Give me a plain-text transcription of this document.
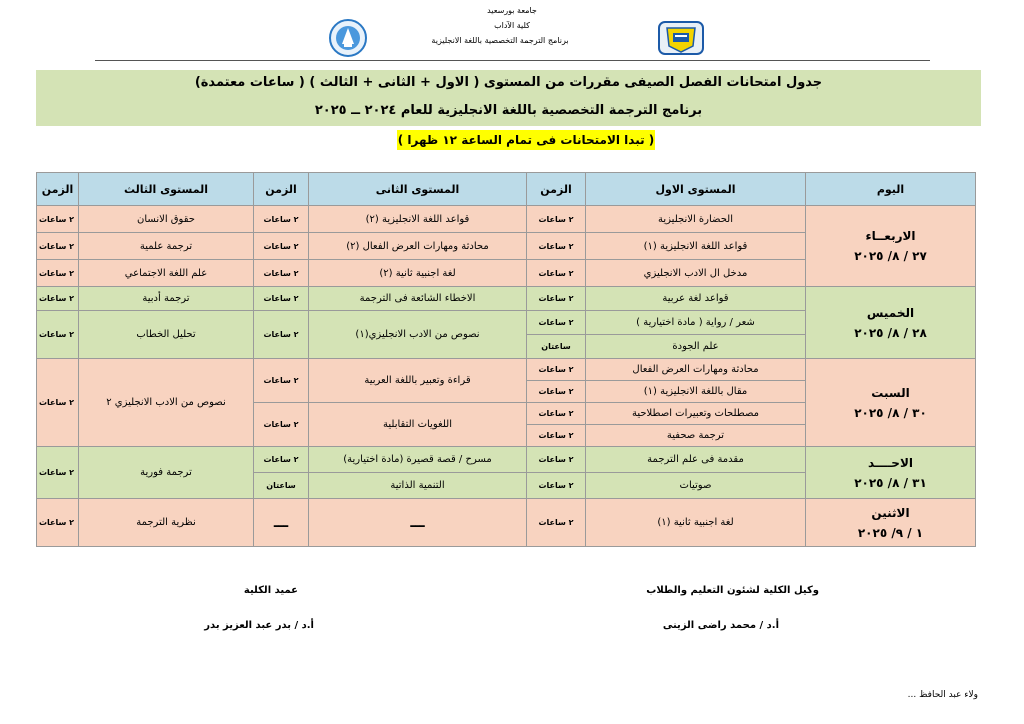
جامعة بورسعيد
كلية الآداب
برنامج الترجمة التخصصية باللغة الانجليزية
جدول امتحانات الفصل الصيفى مقررات من المستوى ( الاول + الثانى + الثالث ) ( ساعات معتمدة)
برنامج الترجمة التخصصية باللغة الانجليزية للعام ٢٠٢٤ ــ ٢٠٢٥
( تبدا الامتحانات فى تمام الساعة ١٢ ظهرا )
اليوم	المستوى الاول	الزمن	المستوى الثانى	الزمن	المستوى الثالث	الزمن

الاربعــاء
٢٧ / ٨/ ٢٠٢٥	الحضارة الانجليزية	٢ ساعات	قواعد اللغة الانجليزية (٢)	٢ ساعات	حقوق الانسان	٢ ساعات
	قواعد اللغة الانجليزية (١)	٢ ساعات	محادثة ومهارات العرض الفعال (٢)	٢ ساعات	ترجمة علمية	٢ ساعات
	مدخل ال الادب الانجليزي	٢ ساعات	لغة اجنبية ثانية (٢)	٢ ساعات	علم اللغة الاجتماعي	٢ ساعات

الخميس
٢٨ / ٨/ ٢٠٢٥	قواعد لغة عربية	٢ ساعات	الاخطاء الشائعة فى الترجمة	٢ ساعات	ترجمة أدبية	٢ ساعات
	شعر / رواية ( مادة اختيارية )	٢ ساعات	نصوص من الادب الانجليزي(١)	٢ ساعات	تحليل الخطاب	٢ ساعات
	علم الجودة	ساعتان				

السبت
٣٠ / ٨/ ٢٠٢٥	محادثة ومهارات العرض الفعال	٢ ساعات	قراءة وتعبير باللغة العربية	٢ ساعات	نصوص من الادب الانجليزي ٢	٢ ساعات
	مقال باللغة الانجليزية (١)	٢ ساعات				
	مصطلحات وتعبيرات اصطلاحية	٢ ساعات	اللغويات التقابلية	٢ ساعات		
	ترجمة صحفية	٢ ساعات				

الاحــــد
٣١ / ٨/ ٢٠٢٥	مقدمة فى علم الترجمة	٢ ساعات	مسرح / قصة قصيرة (مادة اختيارية)	٢ ساعات	ترجمة فورية	٢ ساعات
	صوتيات	٢ ساعات	التنمية الذاتية	ساعتان		

الاثنين
١ / ٩/ ٢٠٢٥	لغة اجنبية ثانية (١)	٢ ساعات	ـــ	ـــ	نظرية الترجمة	٢ ساعات
وكيل الكلية لشئون التعليم والطلاب
أ.د / محمد راضى الزينى
عميد الكلية
أ.د / بدر عبد العزيز بدر
ولاء عبد الحافظ ...
